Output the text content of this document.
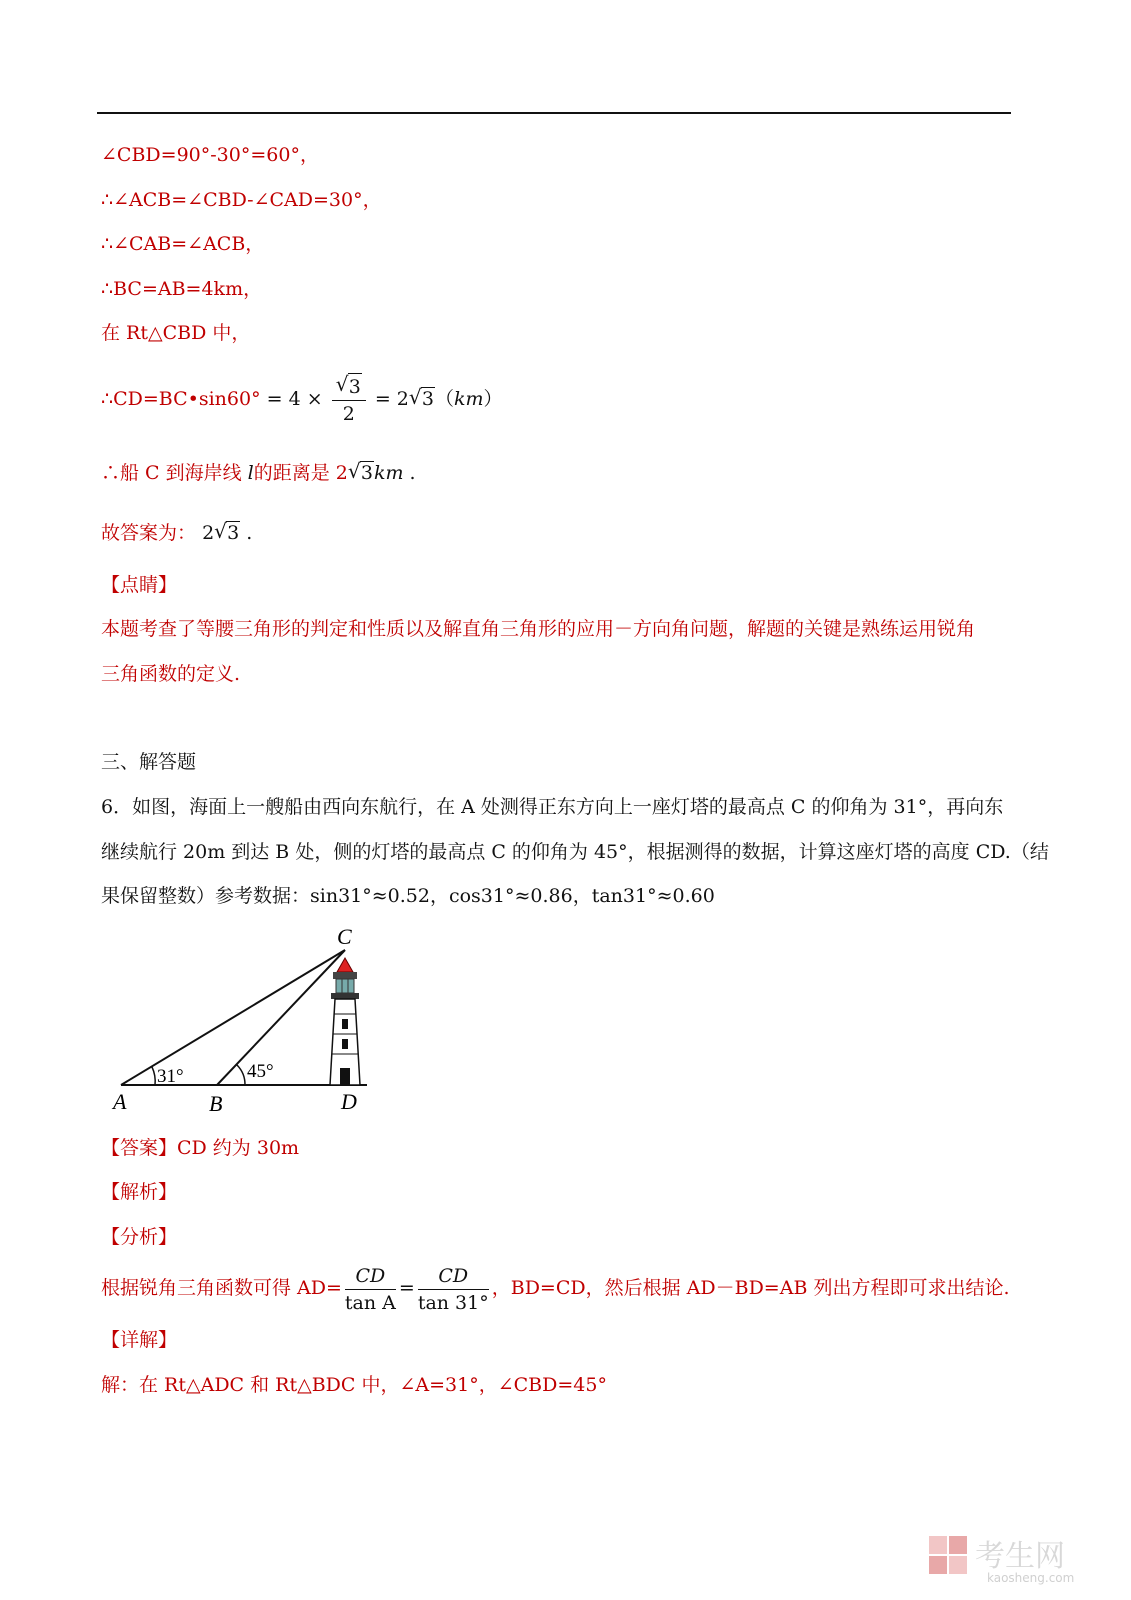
∠CBD=90°-30°=60°，
∴∠ACB=∠CBD-∠CAD=30°，
∴∠CAB=∠ACB，
∴BC=AB=4km，
在 Rt△CBD 中，
∴CD=BC•sin60° = 4 ×
√ $\frac{3}{2} = 2√$ 3（km）
∴船 C 到海岸线 l的距离是 2√ 3km .
故答案为： 2√ 3 .
【点睛】
本题考查了等腰三角形的判定和性质以及解直角三角形的应用－方向角问题，解题的关键是熟练运用锐角
三角函数的定义.
三、解答题
6．如图，海面上一艘船由西向东航行，在 A 处测得正东方向上一座灯塔的最高点 C 的仰角为 31°，再向东
继续航行 20m 到达 B 处，侧的灯塔的最高点 C 的仰角为 45°，根据测得的数据，计算这座灯塔的高度 CD.（结
果保留整数）参考数据：sin31°≈0.52，cos31°≈0.86，tan31°≈0.60
A	B
C
D
31°	45°
【答案】CD 约为 30m
【解析】
【分析】
根据锐角三角函数可得 $AD= \frac{CD}{\text{tan A}} = \frac{CD}{\tan 31^\circ}$ ，BD=CD，然后根据 AD－BD=AB 列出方程即可求出结论.
【详解】
解：在 Rt△ADC 和 Rt△BDC 中，∠A=31°，∠CBD=45°
考生网
kaosheng.com
